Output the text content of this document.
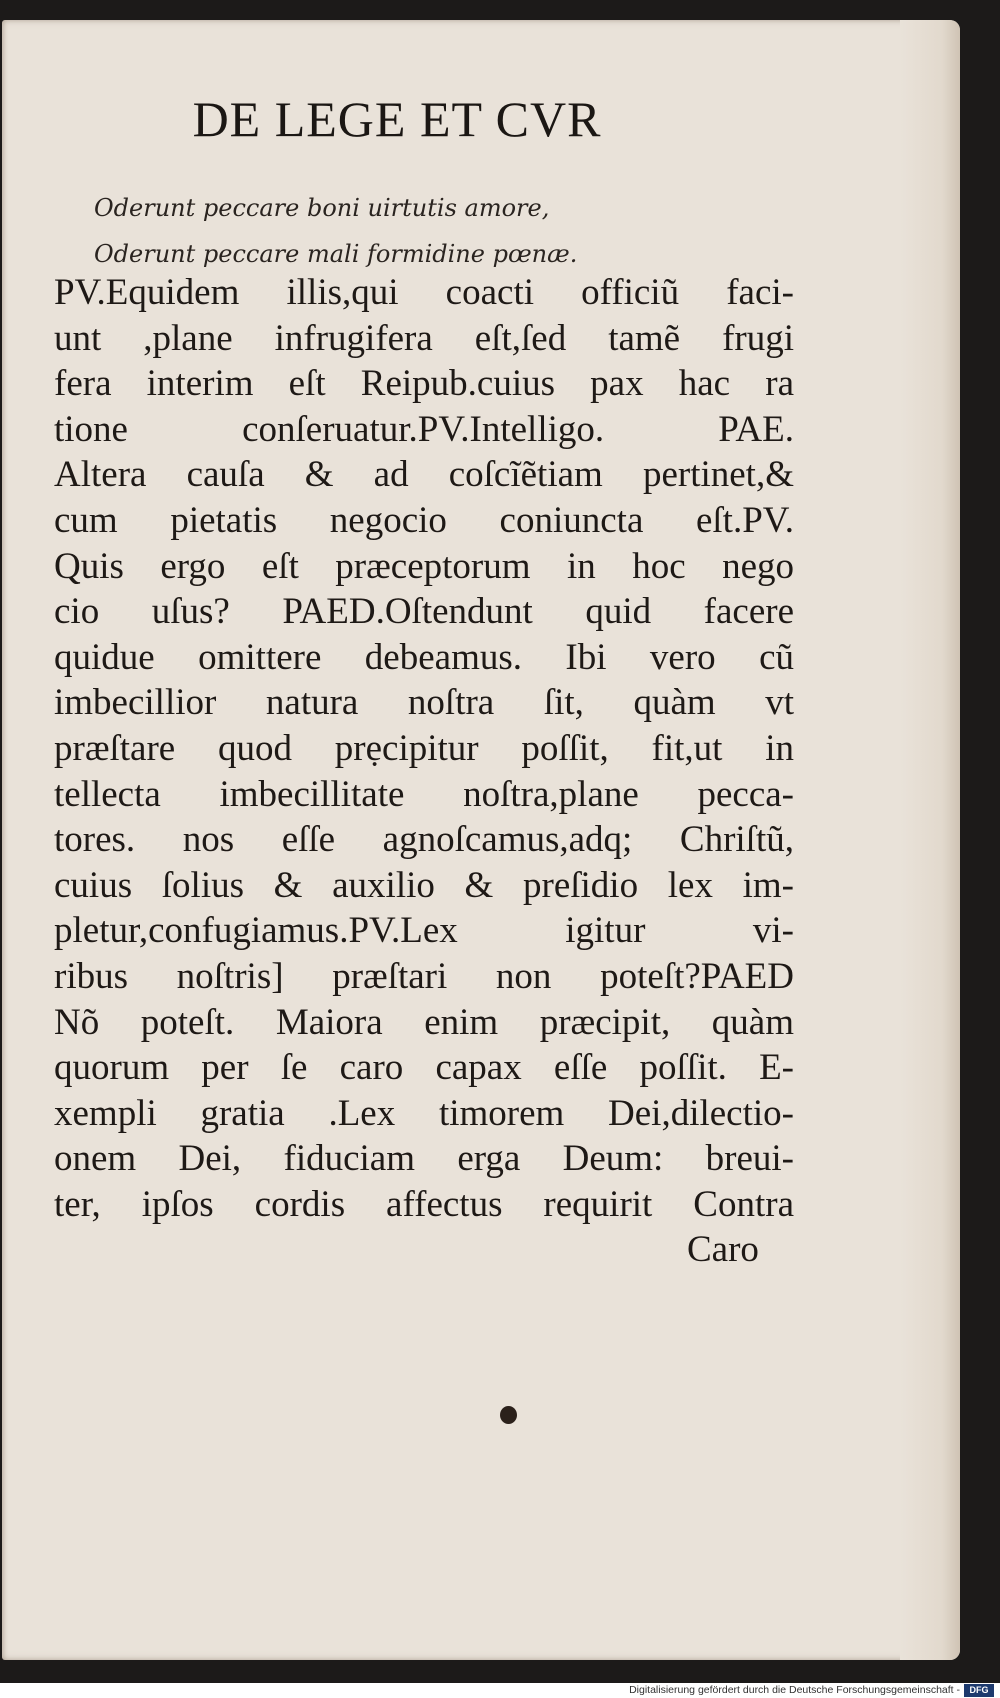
DE LEGE ET CVR
Oderunt peccare boni uirtutis amore,
Oderunt peccare mali formidine pœnæ.
PV.Equidem illis,qui coacti officiũ faci-
unt ,plane infrugifera eſt,ſed tamẽ frugi
fera interim eſt Reipub.cuius pax hac ra
tione conſeruatur.PV.Intelligo. PAE.
Altera cauſa & ad coſcĩẽtiam pertinet,&
cum pietatis negocio coniuncta eſt.PV.
Quis ergo eſt præceptorum in hoc nego
cio uſus? PAED.Oſtendunt quid facere
quidue omittere debeamus. Ibi vero cũ
imbecillior natura noſtra ſit, quàm vt
præſtare quod prẹcipitur poſſit, fit,ut in
tellecta imbecillitate noſtra,plane pecca-
tores. nos eſſe agnoſcamus,adq; Chriſtũ,
cuius ſolius & auxilio & preſidio lex im-
pletur,confugiamus.PV.Lex igitur vi-
ribus noſtris] præſtari non poteſt?PAED
Nõ poteſt. Maiora enim præcipit, quàm
quorum per ſe caro capax eſſe poſſit. E-
xempli gratia .Lex timorem Dei,dilectio-
onem Dei, fiduciam erga Deum: breui-
ter, ipſos cordis affectus requirit Contra
Caro
Digitalisierung gefördert durch die Deutsche Forschungsgemeinschaft -	DFG
